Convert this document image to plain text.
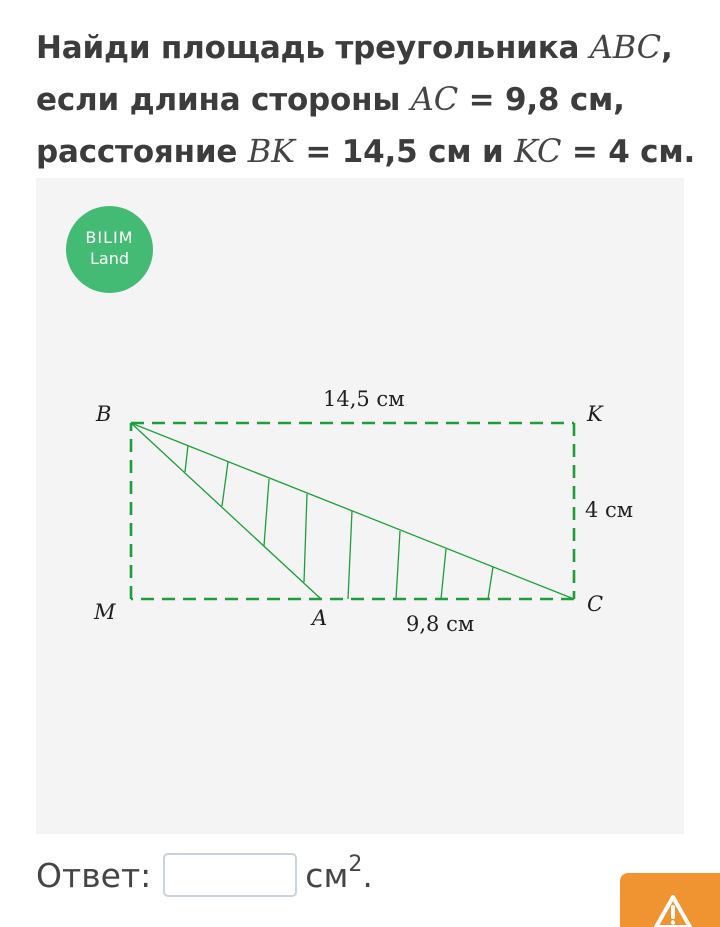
Найди площадь треугольника ABC, если длина стороны AC = 9,8 см, расстояние BK = 14,5 см и KC = 4 см.
BILIM
Land
B	K
M	A
C
14,5 см
4 см
9,8 см
Ответ:	$см^2$.
